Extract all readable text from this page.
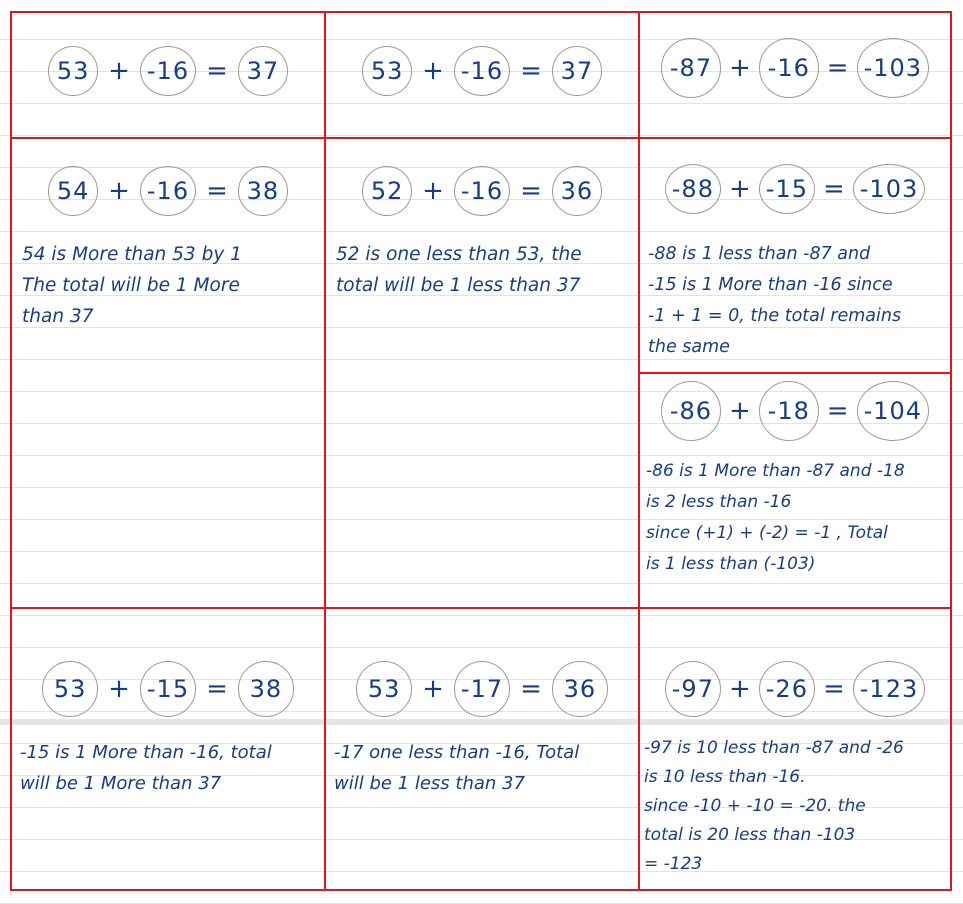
53 + -16 = 37	53 + -16 = 37	-87 + -16 = -103
54 + -16 = 38

54 is More than 53 by 1
The total will be 1 More
than 37

52 + -16 = 36

52 is one less than 53, the
total will be 1 less than 37

-88 + -15 = -103

-88 is 1 less than -87 and
-15 is 1 More than -16 since
-1 + 1 = 0, the total remains
the same

-86 + -18 = -104

-86 is 1 More than -87 and -18
is 2 less than -16
since (+1) + (-2) = -1 , Total
is 1 less than (-103)

53 + -15 = 38

-15 is 1 More than -16, total
will be 1 More than 37

53 + -17 = 36

-17 one less than -16, Total
will be 1 less than 37

-97 + -26 = -123

-97 is 10 less than -87 and -26
is 10 less than -16.
since -10 + -10 = -20. the
total is 20 less than -103
= -123
